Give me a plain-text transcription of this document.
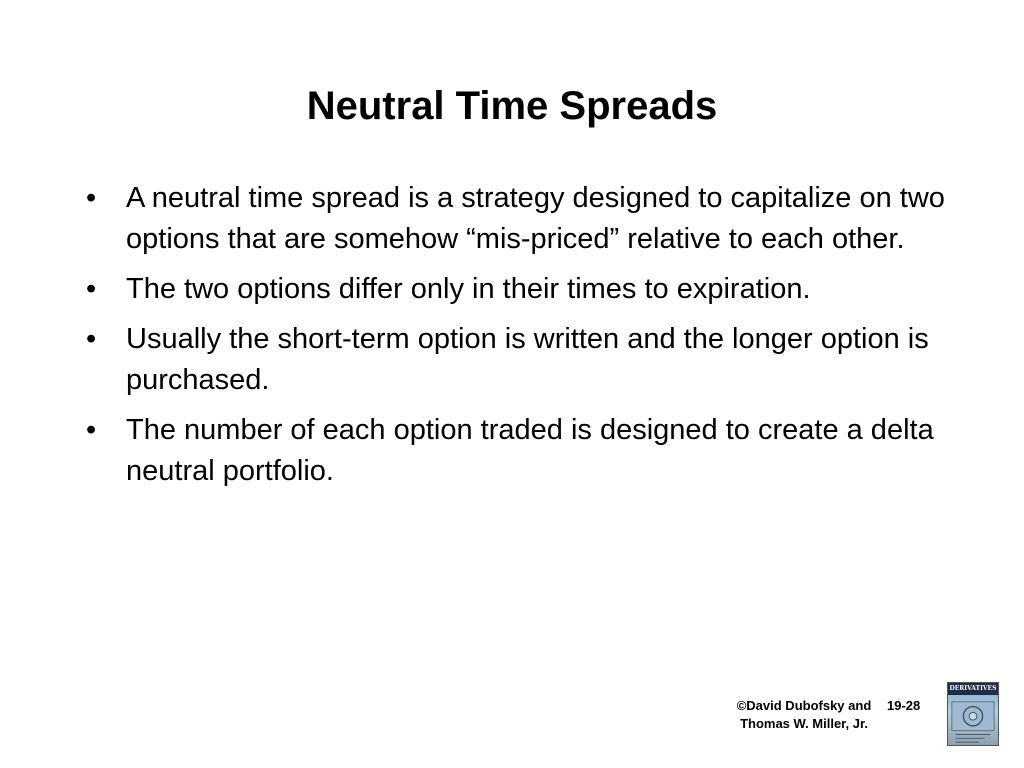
Neutral Time Spreads
• A neutral time spread is a strategy designed to capitalize on two options that are somehow “mis-priced” relative to each other.
• The two options differ only in their times to expiration.
• Usually the short-term option is written and the longer option is purchased.
• The number of each option traded is designed to create a delta neutral portfolio.
©David Dubofsky and
Thomas W. Miller, Jr.
19-28
DERIVATIVES
